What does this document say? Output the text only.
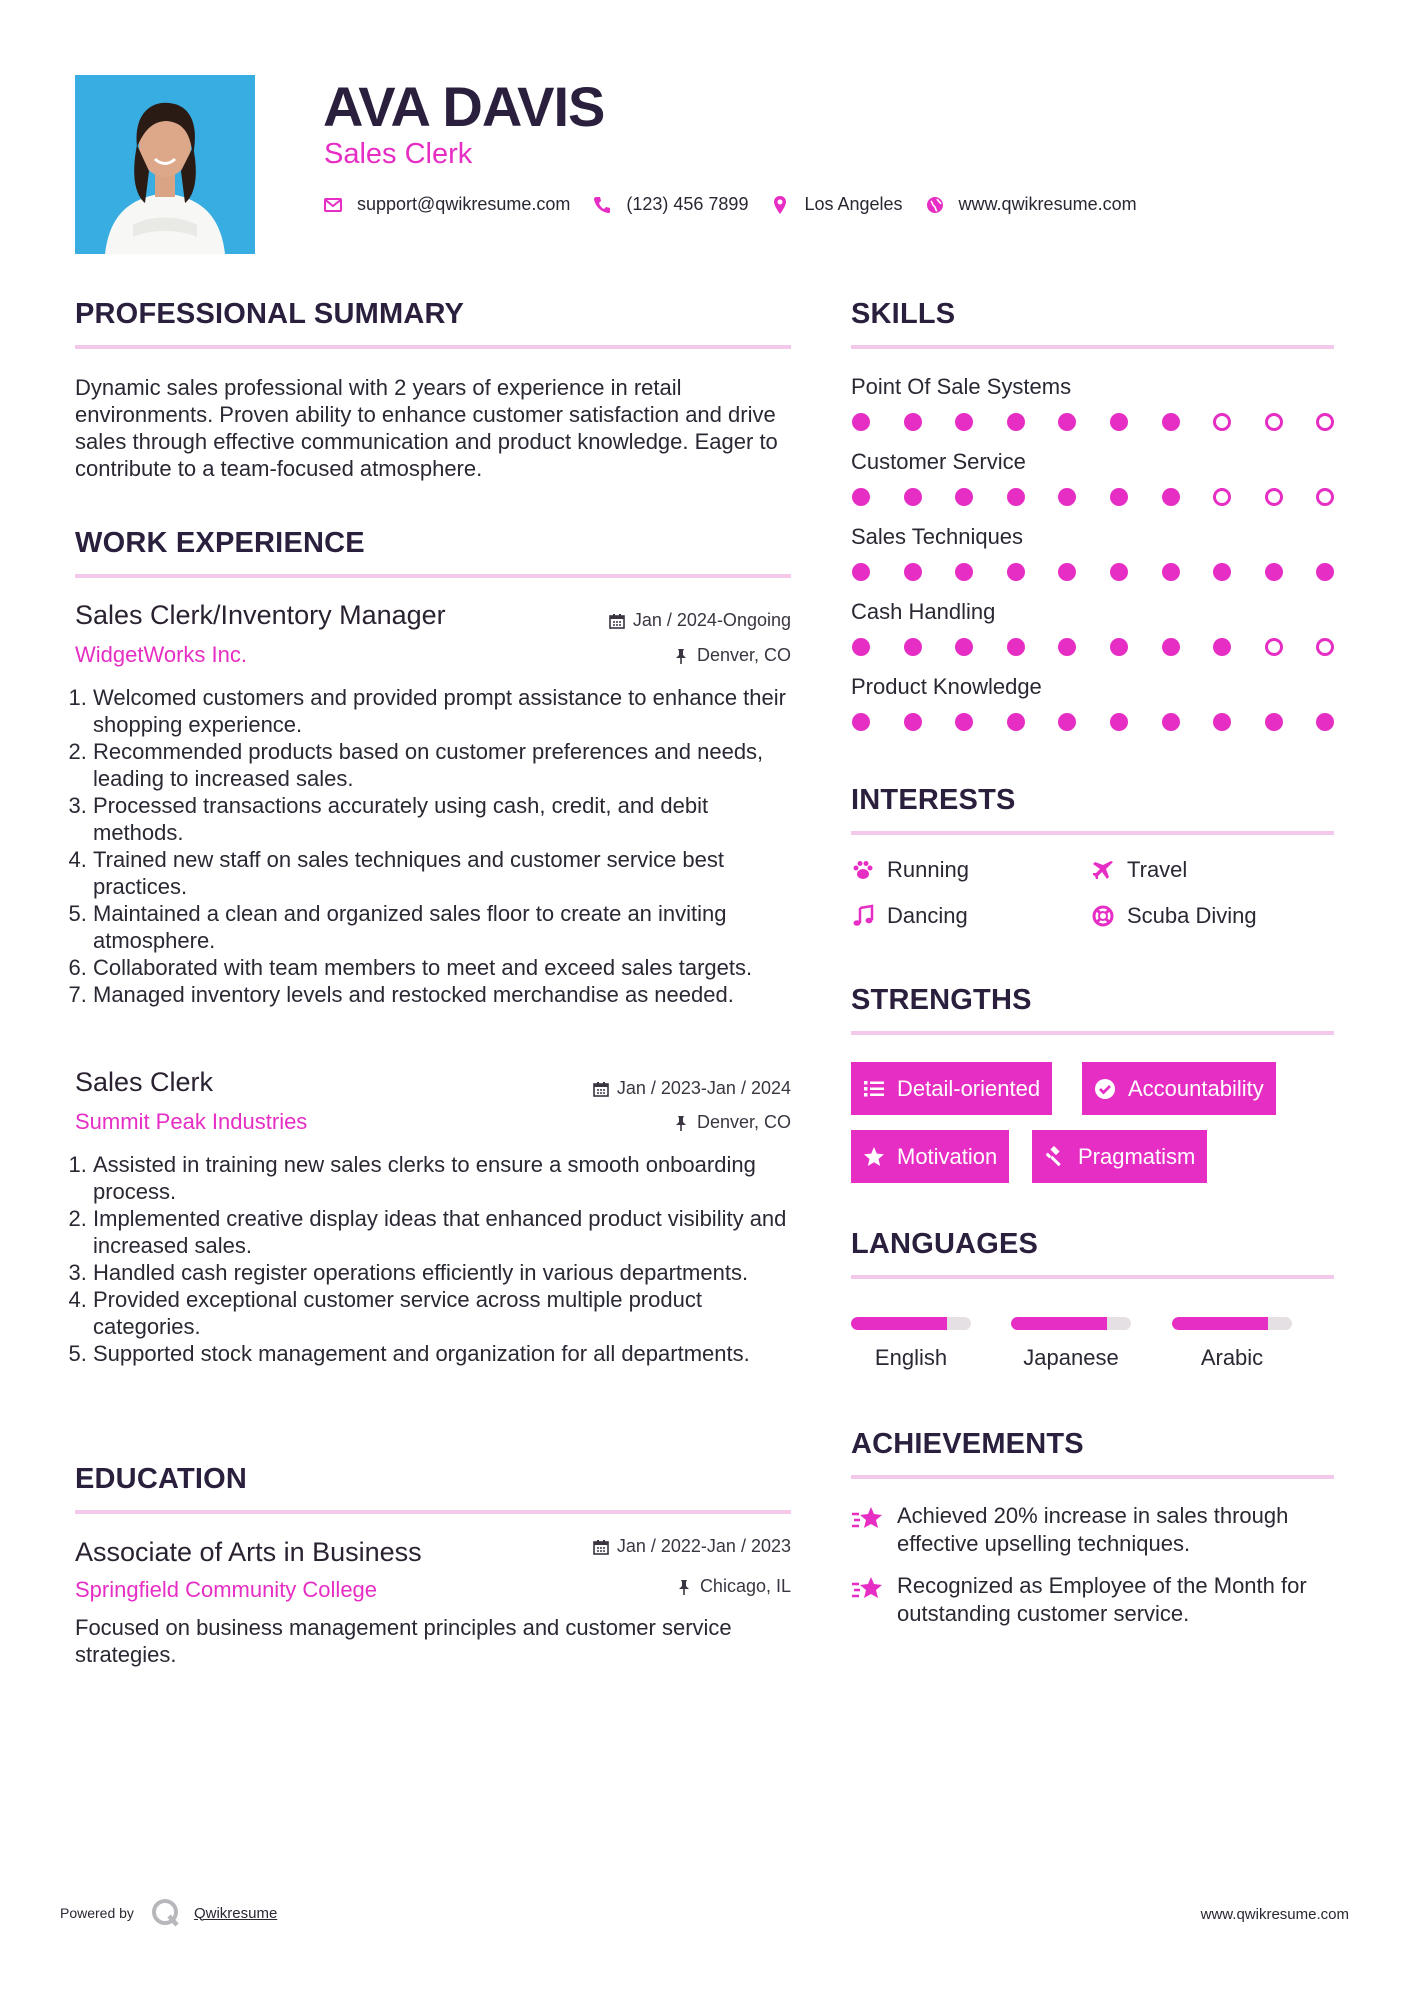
AVA DAVIS
Sales Clerk
support@qwikresume.com	(123) 456 7899	Los Angeles	www.qwikresume.com
PROFESSIONAL SUMMARY
Dynamic sales professional with 2 years of experience in retail environments. Proven ability to enhance customer satisfaction and drive sales through effective communication and product knowledge. Eager to contribute to a team-focused atmosphere.
WORK EXPERIENCE
Sales Clerk/Inventory Manager	Jan / 2024-Ongoing
WidgetWorks Inc.	Denver, CO
1. Welcomed customers and provided prompt assistance to enhance their shopping experience.
2. Recommended products based on customer preferences and needs, leading to increased sales.
3. Processed transactions accurately using cash, credit, and debit methods.
4. Trained new staff on sales techniques and customer service best practices.
5. Maintained a clean and organized sales floor to create an inviting atmosphere.
6. Collaborated with team members to meet and exceed sales targets.
7. Managed inventory levels and restocked merchandise as needed.
Sales Clerk	Jan / 2023-Jan / 2024
Summit Peak Industries	Denver, CO
1. Assisted in training new sales clerks to ensure a smooth onboarding process.
2. Implemented creative display ideas that enhanced product visibility and increased sales.
3. Handled cash register operations efficiently in various departments.
4. Provided exceptional customer service across multiple product categories.
5. Supported stock management and organization for all departments.
EDUCATION
Associate of Arts in Business	Jan / 2022-Jan / 2023
Springfield Community College	Chicago, IL
Focused on business management principles and customer service strategies.
SKILLS
Point Of Sale Systems
Customer Service
Sales Techniques
Cash Handling
Product Knowledge
INTERESTS
Running	Travel
Dancing	Scuba Diving
STRENGTHS
Detail-oriented	Accountability
Motivation	Pragmatism
LANGUAGES
English	Japanese	Arabic
ACHIEVEMENTS
Achieved 20% increase in sales through effective upselling techniques.
Recognized as Employee of the Month for outstanding customer service.
Powered by	Qwikresume	www.qwikresume.com
